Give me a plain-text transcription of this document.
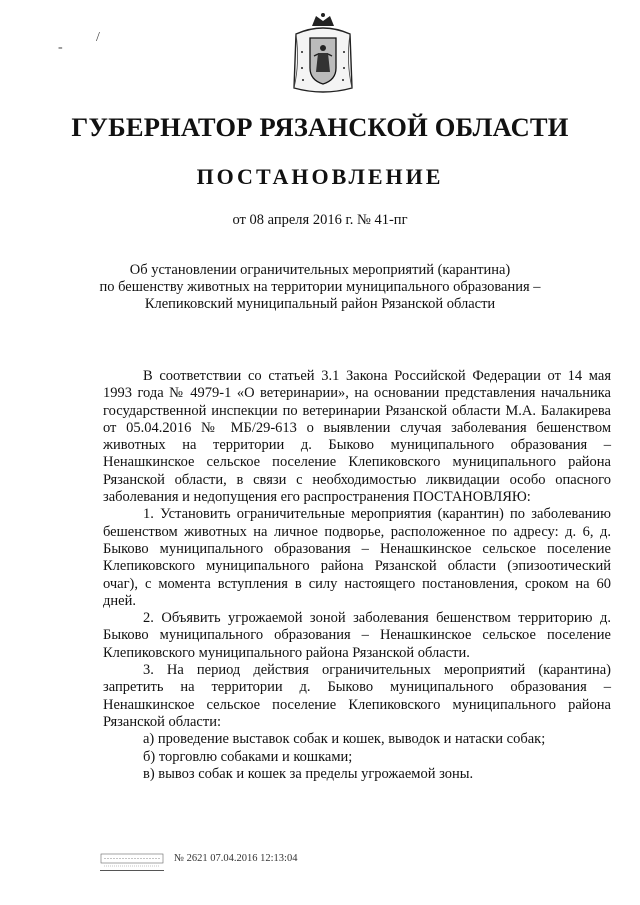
/
-
ГУБЕРНАТОР РЯЗАНСКОЙ ОБЛАСТИ
ПОСТАНОВЛЕНИЕ
от 08 апреля 2016 г. № 41-пг
Об установлении ограничительных мероприятий (карантина)
по бешенству животных на территории муниципального образования –
Клепиковский муниципальный район Рязанской области

В соответствии со статьей 3.1 Закона Российской Федерации от 14 мая 1993 года № 4979-1 «О ветеринарии», на основании представления начальника государственной инспекции по ветеринарии Рязанской области М.А. Балакирева от 05.04.2016 № МБ/29-613 о выявлении случая заболевания бешенством животных на территории д. Быково муниципального образования – Ненашкинское сельское поселение Клепиковского муниципального района Рязанской области, в связи с необходимостью ликвидации особо опасного заболевания и недопущения его распространения ПОСТАНОВЛЯЮ:

1. Установить ограничительные мероприятия (карантин) по заболеванию бешенством животных на личное подворье, расположенное по адресу: д. 6, д. Быково муниципального образования – Ненашкинское сельское поселение Клепиковского муниципального района Рязанской области (эпизоотический очаг), с момента вступления в силу настоящего постановления, сроком на 60 дней.

2. Объявить угрожаемой зоной заболевания бешенством территорию д. Быково муниципального образования – Ненашкинское сельское поселение Клепиковского муниципального района Рязанской области.

3. На период действия ограничительных мероприятий (карантина) запретить на территории д. Быково муниципального образования – Ненашкинское сельское поселение Клепиковского муниципального района Рязанской области:

а) проведение выставок собак и кошек, выводок и натаски собак;

б) торговлю собаками и кошками;

в) вывоз собак и кошек за пределы угрожаемой зоны.

№ 2621 07.04.2016 12:13:04
